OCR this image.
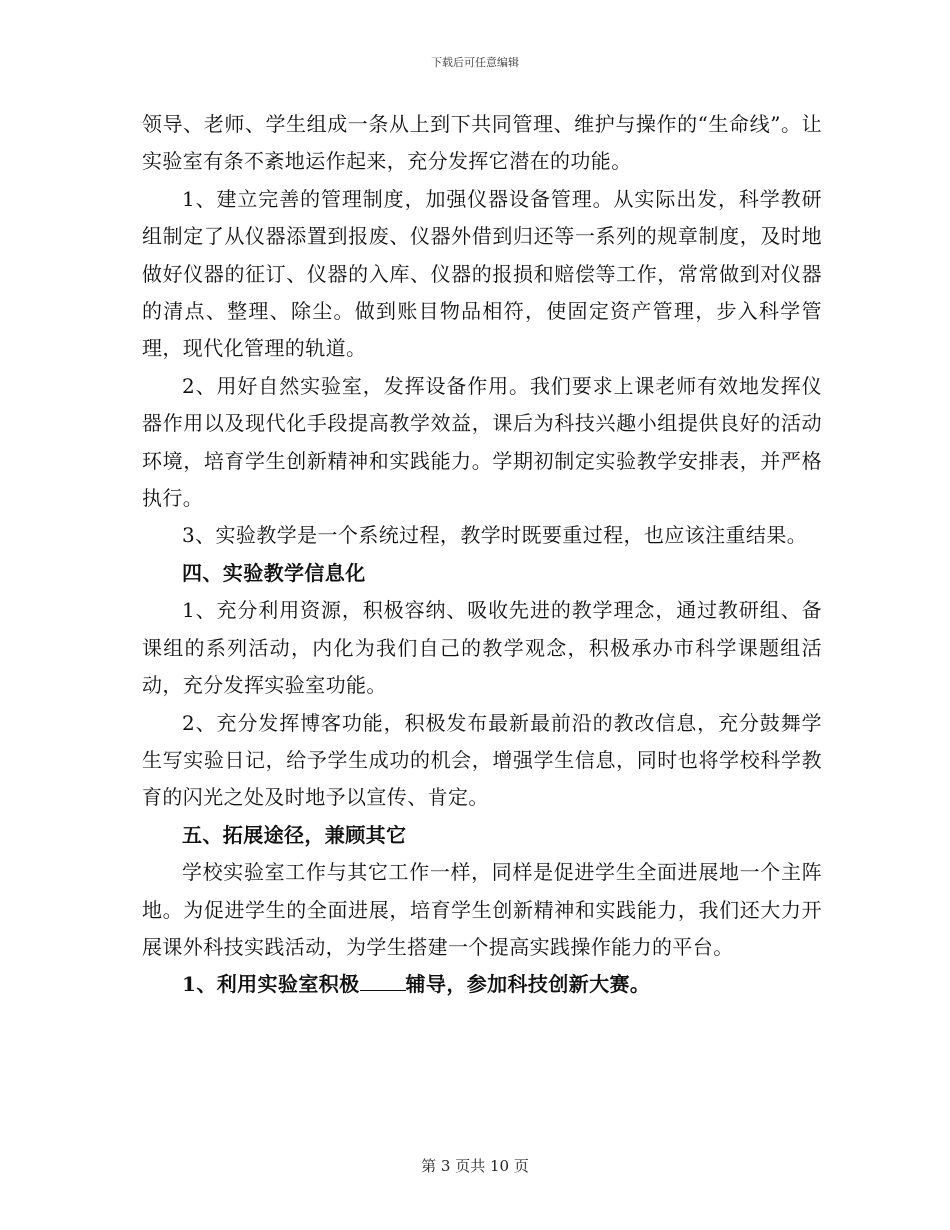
下载后可任意编辑

领导、老师、学生组成一条从上到下共同管理、维护与操作的“生命线”。让实验室有条不紊地运作起来，充分发挥它潜在的功能。

1、建立完善的管理制度，加强仪器设备管理。从实际出发，科学教研组制定了从仪器添置到报废、仪器外借到归还等一系列的规章制度，及时地做好仪器的征订、仪器的入库、仪器的报损和赔偿等工作，常常做到对仪器的清点、整理、除尘。做到账目物品相符，使固定资产管理，步入科学管理，现代化管理的轨道。

2、用好自然实验室，发挥设备作用。我们要求上课老师有效地发挥仪器作用以及现代化手段提高教学效益，课后为科技兴趣小组提供良好的活动环境，培育学生创新精神和实践能力。学期初制定实验教学安排表，并严格执行。

3、实验教学是一个系统过程，教学时既要重过程，也应该注重结果。

四、实验教学信息化

1、充分利用资源，积极容纳、吸收先进的教学理念，通过教研组、备课组的系列活动，内化为我们自己的教学观念，积极承办市科学课题组活动，充分发挥实验室功能。

2、充分发挥博客功能，积极发布最新最前沿的教改信息，充分鼓舞学生写实验日记，给予学生成功的机会，增强学生信息，同时也将学校科学教育的闪光之处及时地予以宣传、肯定。

五、拓展途径，兼顾其它

学校实验室工作与其它工作一样，同样是促进学生全面进展地一个主阵地。为促进学生的全面进展，培育学生创新精神和实践能力，我们还大力开展课外科技实践活动，为学生搭建一个提高实践操作能力的平台。

1、利用实验室积极 辅导，参加科技创新大赛。

第 3 页共 10 页
